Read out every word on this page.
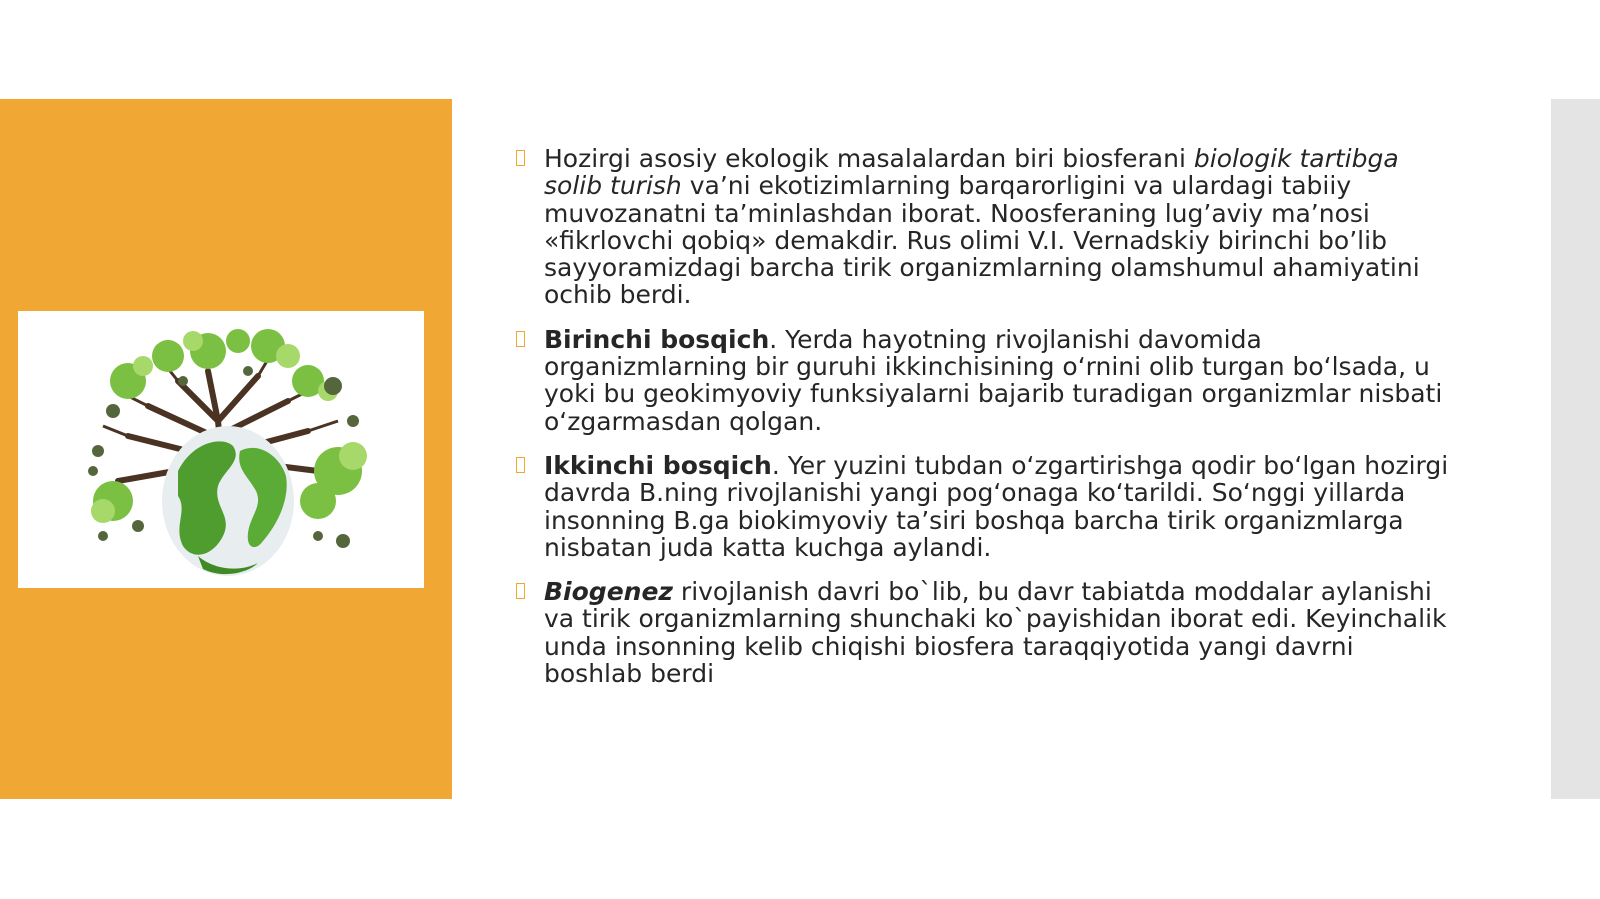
Hozirgi asosiy ekologik masalalardan biri biosferani biologik tartibga solib turish va’ni ekotizimlarning barqarorligini va ulardagi tabiiy muvozanatni ta’minlashdan iborat. Noosferaning lug’aviy ma’nosi «fikrlovchi qobiq» demakdir. Rus olimi V.I. Vernadskiy birinchi bo’lib sayyoramizdagi barcha tirik organizmlarning olamshumul ahamiyatini ochib berdi.
Birinchi bosqich. Yerda hayotning rivojlanishi davomida organizmlarning bir guruhi ikkinchisining o‘rnini olib turgan bo‘lsada, u yoki bu geokimyoviy funksiyalarni bajarib turadigan organizmlar nisbati o‘zgarmasdan qolgan.
Ikkinchi bosqich. Yer yuzini tubdan o‘zgartirishga qodir bo‘lgan hozirgi davrda B.ning rivojlanishi yangi pog‘onaga ko‘tarildi. So‘nggi yillarda insonning B.ga biokimyoviy ta’siri boshqa barcha tirik organizmlarga nisbatan juda katta kuchga aylandi.
Biogenez rivojlanish davri bo`lib, bu davr tabiatda moddalar aylanishi va tirik organizmlarning shunchaki ko`payishidan iborat edi. Keyinchalik unda insonning kelib chiqishi biosfera taraqqiyotida yangi davrni boshlab berdi
